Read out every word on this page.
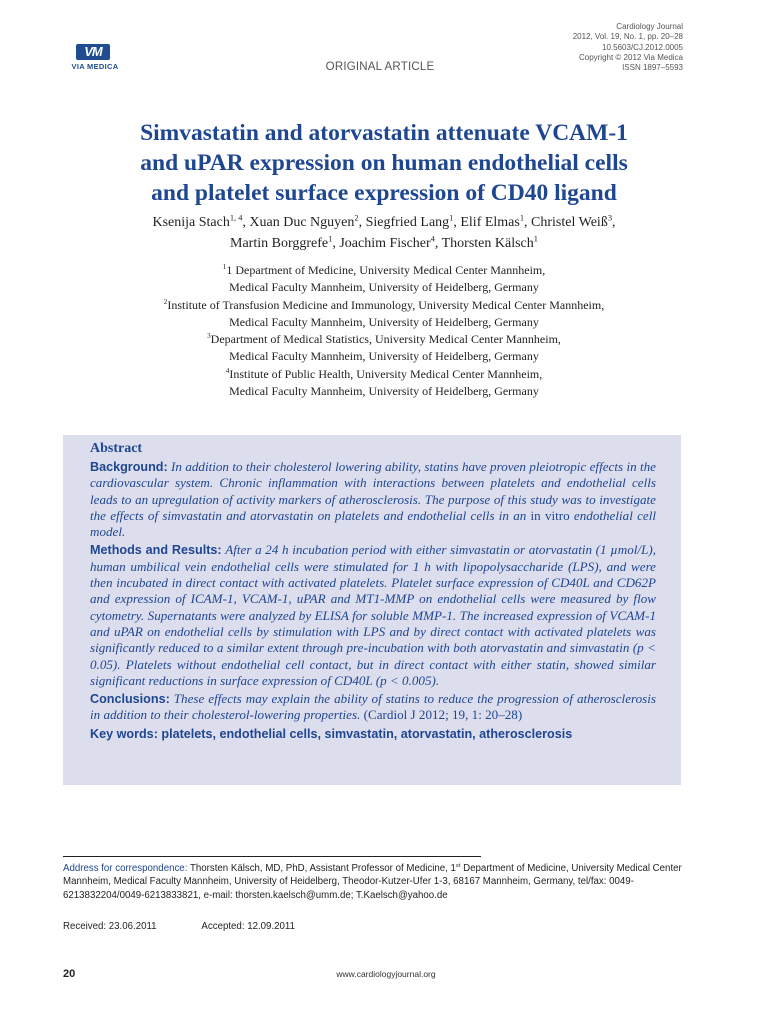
VM
VIA MEDICA	ORIGINAL ARTICLE
Cardiology Journal
2012, Vol. 19, No. 1, pp. 20–28
10.5603/CJ.2012.0005
Copyright © 2012 Via Medica
ISSN 1897–5593
Simvastatin and atorvastatin attenuate VCAM-1
and uPAR expression on human endothelial cells
and platelet surface expression of CD40 ligand
Ksenija Stach$^{1, 4}$, Xuan Duc Nguyen$^2$, Siegfried Lang$^1$, Elif Elmas$^1$, Christel Weiß$^3$,
Martin Borggrefe$^1$, Joachim Fischer$^4$, Thorsten Kälsch$^1$
$^1$1 Department of Medicine, University Medical Center Mannheim,
Medical Faculty Mannheim, University of Heidelberg, Germany
$^2$Institute of Transfusion Medicine and Immunology, University Medical Center Mannheim,
Medical Faculty Mannheim, University of Heidelberg, Germany
$^3$Department of Medical Statistics, University Medical Center Mannheim,
Medical Faculty Mannheim, University of Heidelberg, Germany
$^4$Institute of Public Health, University Medical Center Mannheim,
Medical Faculty Mannheim, University of Heidelberg, Germany
Abstract

Background: In addition to their cholesterol lowering ability, statins have proven pleiotropic effects in the cardiovascular system. Chronic inflammation with interactions between platelets and endothelial cells leads to an upregulation of activity markers of atherosclerosis. The purpose of this study was to investigate the effects of simvastatin and atorvastatin on platelets and endothelial cells in an in vitro endothelial cell model.

Methods and Results: After a 24 h incubation period with either simvastatin or atorvastatin (1 µmol/L), human umbilical vein endothelial cells were stimulated for 1 h with lipopolysaccharide (LPS), and were then incubated in direct contact with activated platelets. Platelet surface expression of CD40L and CD62P and expression of ICAM-1, VCAM-1, uPAR and MT1-MMP on endothelial cells were measured by flow cytometry. Supernatants were analyzed by ELISA for soluble MMP-1. The increased expression of VCAM-1 and uPAR on endothelial cells by stimulation with LPS and by direct contact with activated platelets was significantly reduced to a similar extent through pre-incubation with both atorvastatin and simvastatin (p < 0.05). Platelets without endothelial cell contact, but in direct contact with either statin, showed similar significant reductions in surface expression of CD40L (p < 0.005).

Conclusions: These effects may explain the ability of statins to reduce the progression of atherosclerosis in addition to their cholesterol-lowering properties. (Cardiol J 2012; 19, 1: 20–28)

Key words: platelets, endothelial cells, simvastatin, atorvastatin, atherosclerosis
Address for correspondence: Thorsten Kälsch, MD, PhD, Assistant Professor of Medicine, 1st Department of Medicine, University Medical Center Mannheim, Medical Faculty Mannheim, University of Heidelberg, Theodor-Kutzer-Ufer 1-3, 68167 Mannheim, Germany, tel/fax: 0049-6213832204/0049-6213833821, e-mail: thorsten.kaelsch@umm.de; T.Kaelsch@yahoo.de
Received: 23.06.2011	Accepted: 12.09.2011
20	www.cardiologyjournal.org
